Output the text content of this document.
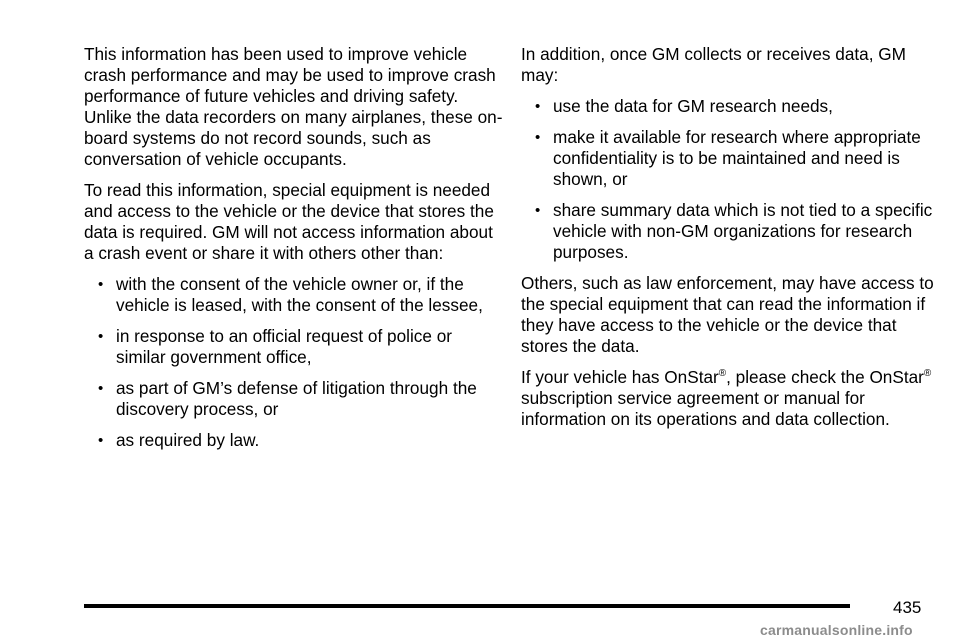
This information has been used to improve vehicle crash performance and may be used to improve crash performance of future vehicles and driving safety. Unlike the data recorders on many airplanes, these on-board systems do not record sounds, such as conversation of vehicle occupants.

To read this information, special equipment is needed and access to the vehicle or the device that stores the data is required. GM will not access information about a crash event or share it with others other than:

• with the consent of the vehicle owner or, if the vehicle is leased, with the consent of the lessee,
• in response to an official request of police or similar government office,
• as part of GM’s defense of litigation through the discovery process, or
• as required by law.

In addition, once GM collects or receives data, GM may:

• use the data for GM research needs,
• make it available for research where appropriate confidentiality is to be maintained and need is shown, or
• share summary data which is not tied to a specific vehicle with non-GM organizations for research purposes.

Others, such as law enforcement, may have access to the special equipment that can read the information if they have access to the vehicle or the device that stores the data.

If your vehicle has OnStar®, please check the OnStar® subscription service agreement or manual for information on its operations and data collection.

435
carmanualsonline.info
